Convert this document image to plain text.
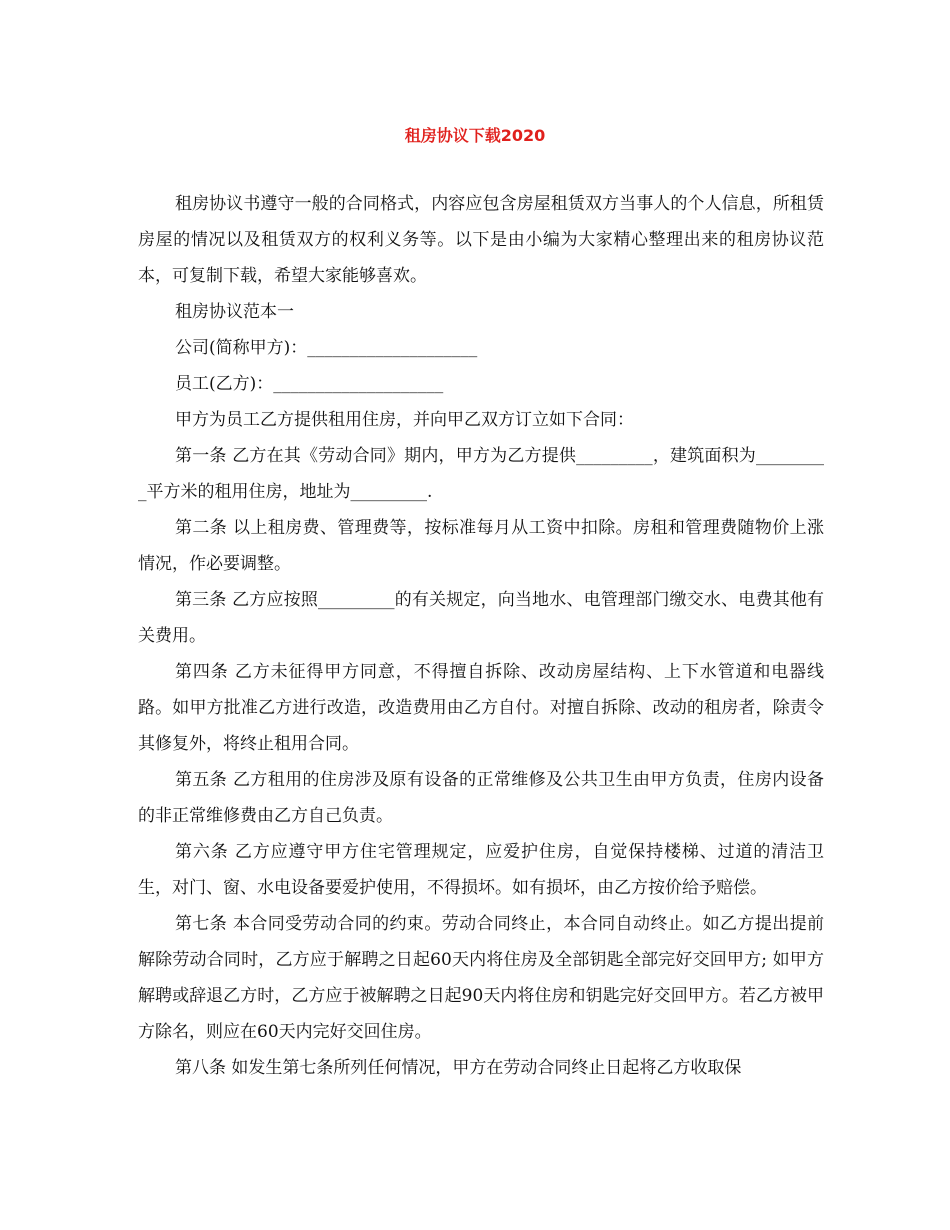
租房协议下载2020

租房协议书遵守一般的合同格式，内容应包含房屋租赁双方当事人的个人信息，所租赁房屋的情况以及租赁双方的权利义务等。以下是由小编为大家精心整理出来的租房协议范本，可复制下载，希望大家能够喜欢。

租房协议范本一

公司(简称甲方)：____________________

员工(乙方)：____________________

甲方为员工乙方提供租用住房，并向甲乙双方订立如下合同：

第一条 乙方在其《劳动合同》期内，甲方为乙方提供_________，建筑面积为_________平方米的租用住房，地址为_________.

第二条 以上租房费、管理费等，按标准每月从工资中扣除。房租和管理费随物价上涨情况，作必要调整。

第三条 乙方应按照_________的有关规定，向当地水、电管理部门缴交水、电费其他有关费用。

第四条 乙方未征得甲方同意，不得擅自拆除、改动房屋结构、上下水管道和电器线路。如甲方批准乙方进行改造，改造费用由乙方自付。对擅自拆除、改动的租房者，除责令其修复外，将终止租用合同。

第五条 乙方租用的住房涉及原有设备的正常维修及公共卫生由甲方负责，住房内设备的非正常维修费由乙方自己负责。

第六条 乙方应遵守甲方住宅管理规定，应爱护住房，自觉保持楼梯、过道的清洁卫生，对门、窗、水电设备要爱护使用，不得损坏。如有损坏，由乙方按价给予赔偿。

第七条 本合同受劳动合同的约束。劳动合同终止，本合同自动终止。如乙方提出提前解除劳动合同时，乙方应于解聘之日起60天内将住房及全部钥匙全部完好交回甲方; 如甲方解聘或辞退乙方时，乙方应于被解聘之日起90天内将住房和钥匙完好交回甲方。若乙方被甲方除名，则应在60天内完好交回住房。

第八条 如发生第七条所列任何情况，甲方在劳动合同终止日起将乙方收取保
